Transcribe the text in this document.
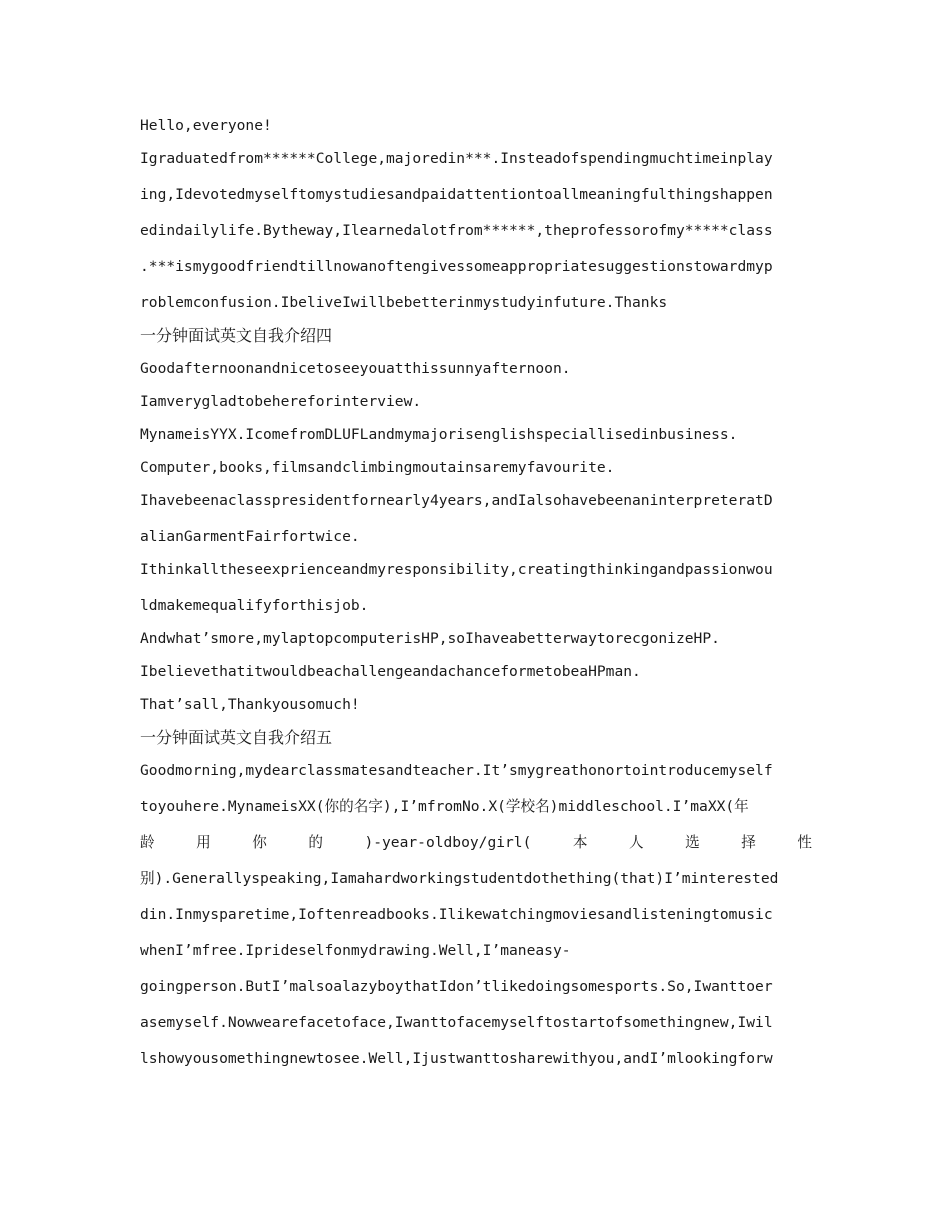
Hello,everyone!
Igraduatedfrom******College,majoredin***.Insteadofspendingmuchtimeinplay
ing,Idevotedmyselftomystudiesandpaidattentiontoallmeaningfulthingshappen
edindailylife.Bytheway,Ilearnedalotfrom******,theprofessorofmy*****class
.***ismygoodfriendtillnowanoftengivessomeappropriatesuggestionstowardmyp
roblemconfusion.IbeliveIwillbebetterinmystudyinfuture.Thanks
一分钟面试英文自我介绍四
Goodafternoonandnicetoseeyouatthissunnyafternoon.
Iamverygladtobehereforinterview.
MynameisYYX.IcomefromDLUFLandmymajorisenglishspeciallisedinbusiness.
Computer,books,filmsandclimbingmoutainsaremyfavourite.
Ihavebeenaclasspresidentfornearly4years,andIalsohavebeenaninterpreteratD
alianGarmentFairfortwice.
Ithinkalltheseexprienceandmyresponsibility,creatingthinkingandpassionwou
ldmakemequalifyforthisjob.
Andwhat’smore,mylaptopcomputerisHP,soIhaveabetterwaytorecgonizeHP.
IbelievethatitwouldbeachallengeandachanceformetobeaHPman.
That’sall,Thankyousomuch!
一分钟面试英文自我介绍五
Goodmorning,mydearclassmatesandteacher.It’smygreathonortointroducemyself
toyouhere.MynameisXX(你的名字),I’mfromNo.X(学校名)middleschool.I’maXX(年
龄	用	你	的	)-year-oldboy/girl(	本	人	选	择	性
别).Generallyspeaking,Iamahardworkingstudentdothething(that)I’minterested
din.Inmysparetime,Ioftenreadbooks.Ilikewatchingmoviesandlisteningtomusic
whenI’mfree.Iprideselfonmydrawing.Well,I’maneasy-
goingperson.ButI’malsoalazyboythatIdon’tlikedoingsomesports.So,Iwanttoer
asemyself.Nowwearefacetoface,Iwanttofacemyselftostartofsomethingnew,Iwil
lshowyousomethingnewtosee.Well,Ijustwanttosharewithyou,andI’mlookingforw
